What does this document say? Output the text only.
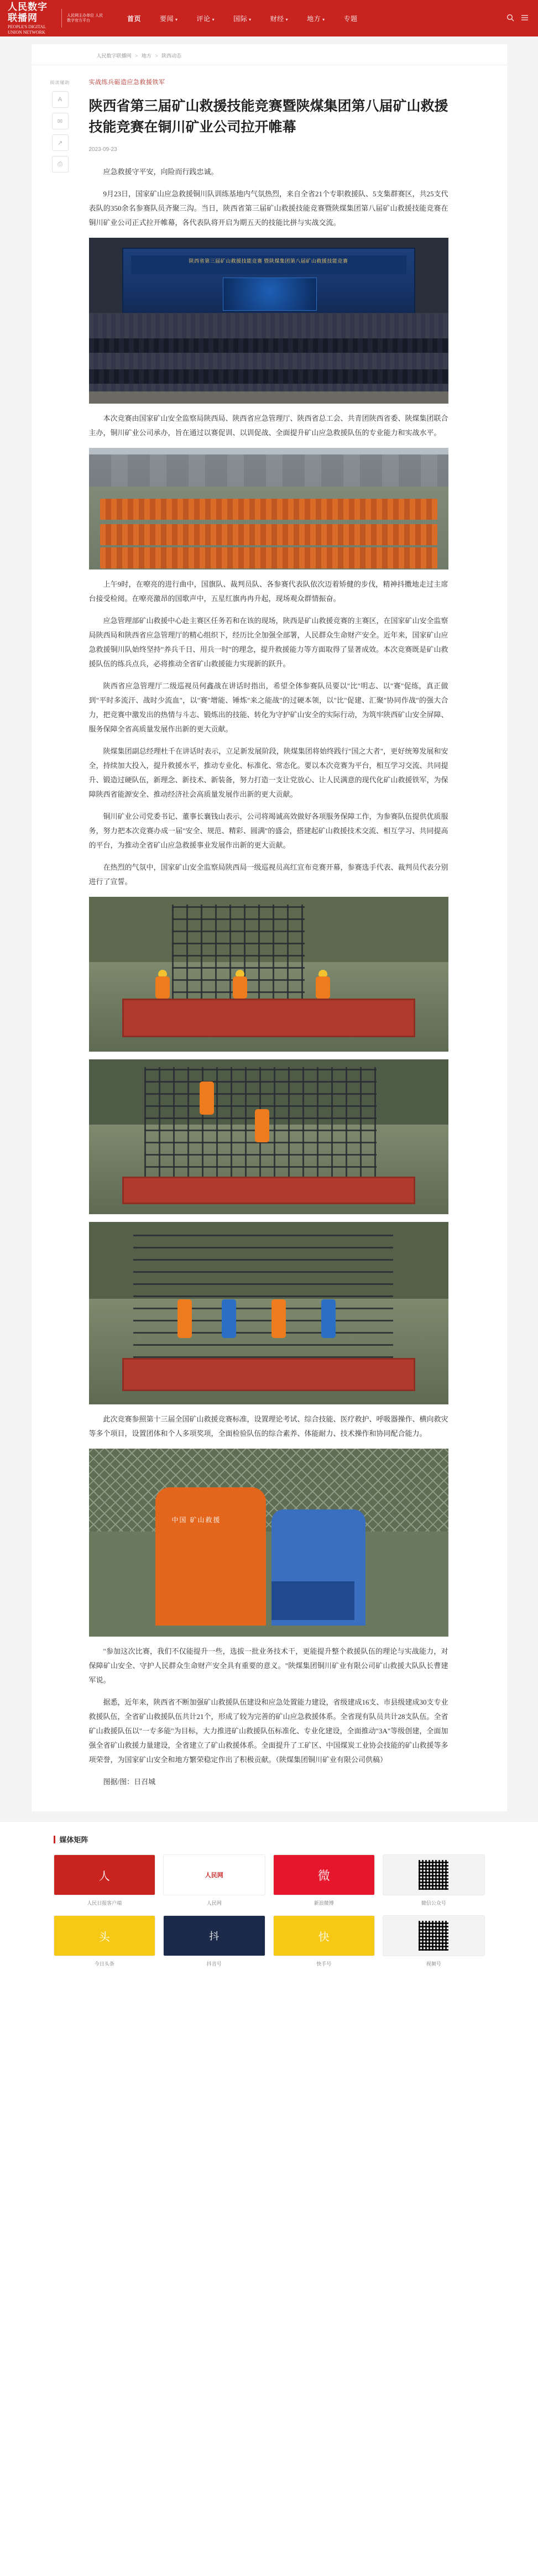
人民数字联播网
PEOPLE'S DIGITAL UNION NETWORK
人民网主办单位 人民数字官方平台	首页	要闻 ▾	评论 ▾	国际 ▾	财经 ▾	地方 ▾	专题
人民数字联播网 > 地方 > 陕西动态
阅读辅助
A
✉
↗
⎙
实战练兵砺造应急救援铁军
陕西省第三届矿山救援技能竞赛暨陕煤集团第八届矿山救援技能竞赛在铜川矿业公司拉开帷幕
2023-09-23

应急救援守平安，向险而行践忠诚。

9月23日，国家矿山应急救援铜川队训练基地内气氛热烈，来自全省21个专职救援队、5支集群赛区，共25支代表队的350余名参赛队员齐聚三沟。当日，陕西省第三届矿山救援技能竞赛暨陕煤集团第八届矿山救援技能竞赛在铜川矿业公司正式拉开帷幕，各代表队将开启为期五天的技能比拼与实战交流。

陕西省第三届矿山救援技能竞赛 暨陕煤集团第八届矿山救援技能竞赛

本次竞赛由国家矿山安全监察局陕西局、陕西省应急管理厅、陕西省总工会、共青团陕西省委、陕煤集团联合主办，铜川矿业公司承办，旨在通过以赛促训、以训促战、全面提升矿山应急救援队伍的专业能力和实战水平。

上午9时，在嘹亮的进行曲中，国旗队、裁判员队、各参赛代表队依次迈着矫健的步伐，精神抖擞地走过主席台接受检阅。在嘹亮激昂的国歌声中，五星红旗冉冉升起，现场观众群情振奋。

应急管理部矿山救援中心赴主赛区任务若和在该的现场，陕西是矿山救援竞赛的主赛区，在国家矿山安全监察局陕西局和陕西省应急管理厅的精心组织下，经历比全加强全部署，人民群众生命财产安全。近年来，国家矿山应急救援铜川队始终坚持"养兵千日、用兵一时"的理念，提升救援能力等方面取得了显著成效。本次竞赛既是矿山救援队伍的练兵点兵，必将推动全省矿山救援能力实现新的跃升。

陕西省应急管理厅二级巡视员何鑫战在讲话时指出，希望全体参赛队员要以"比"明志、以"赛"促练，真正做到"平时多流汗、战时少流血"，以"赛"增能、锤炼"来之能战"的过硬本领，以"比"促建、汇聚"协同作战"的强大合力，把竞赛中激发出的热情与斗志、锻炼出的技能、转化为守护矿山安全的实际行动，为筑牢陕西矿山安全屏障、服务保障全省高质量发展作出新的更大贡献。

陕煤集团副总经理杜千在讲话时表示，立足新发展阶段，陕煤集团将始终践行"国之大者"，更好统筹发展和安全，持续加大投入，提升救援水平，推动专业化、标准化、常态化。要以本次竞赛为平台，相互学习交流、共同提升、锻造过硬队伍，新理念、新技术、新装备，努力打造一支让党放心、让人民满意的现代化矿山救援铁军，为保障陕西省能源安全、推动经济社会高质量发展作出新的更大贡献。

铜川矿业公司党委书记、董事长襄钱山表示，公司将竭诚高效做好各项服务保障工作，为参赛队伍提供优质服务，努力把本次竞赛办成一届"安全、规范、精彩、圆满"的盛会，搭建起矿山救援技术交流、相互学习、共同提高的平台，为推动全省矿山应急救援事业发展作出新的更大贡献。

在热烈的气氛中，国家矿山安全监察局陕西局一级巡视员高红宣布竞赛开幕，参赛选手代表、裁判员代表分别进行了宣誓。

此次竞赛参照第十三届全国矿山救援竞赛标准，设置理论考试、综合技能、医疗救护、呼吸器操作、横向救灾等多个项目，设置团体和个人多项奖项，全面检验队伍的综合素养、体能耐力、技术操作和协同配合能力。

中国 矿山救援

"参加这次比赛，我们不仅能提升一些，选拔一批业务技术干，更能提升整个救援队伍的理论与实战能力，对保障矿山安全、守护人民群众生命财产安全具有重要的意义。"陕煤集团铜川矿业有限公司矿山救援大队队长曹建军说。

据悉，近年来，陕西省不断加强矿山救援队伍建设和应急处置能力建设，省级建成16支、市县级建成30支专业救援队伍，全省矿山救援队伍共计21个，形成了较为完善的矿山应急救援体系。全省现有队员共计28支队伍。全省矿山救援队伍以"一专多能"为目标，大力推进矿山救援队伍标准化、专业化建设，全面推动"3A"等级创建，全面加强全省矿山救援力量建设，全省建立了矿山救援体系。全面提升了工矿区、中国煤炭工业协会技能的矿山救援等多项荣誉，为国家矿山安全和地方繁荣稳定作出了积极贡献。（陕煤集团铜川矿业有限公司供稿）

图据/图：日召城

媒体矩阵
人
人民日报客户端
人民网
人民网
微
新浪微博	微信公众号
头
今日头条
抖
抖音号
快
快手号	视频号
